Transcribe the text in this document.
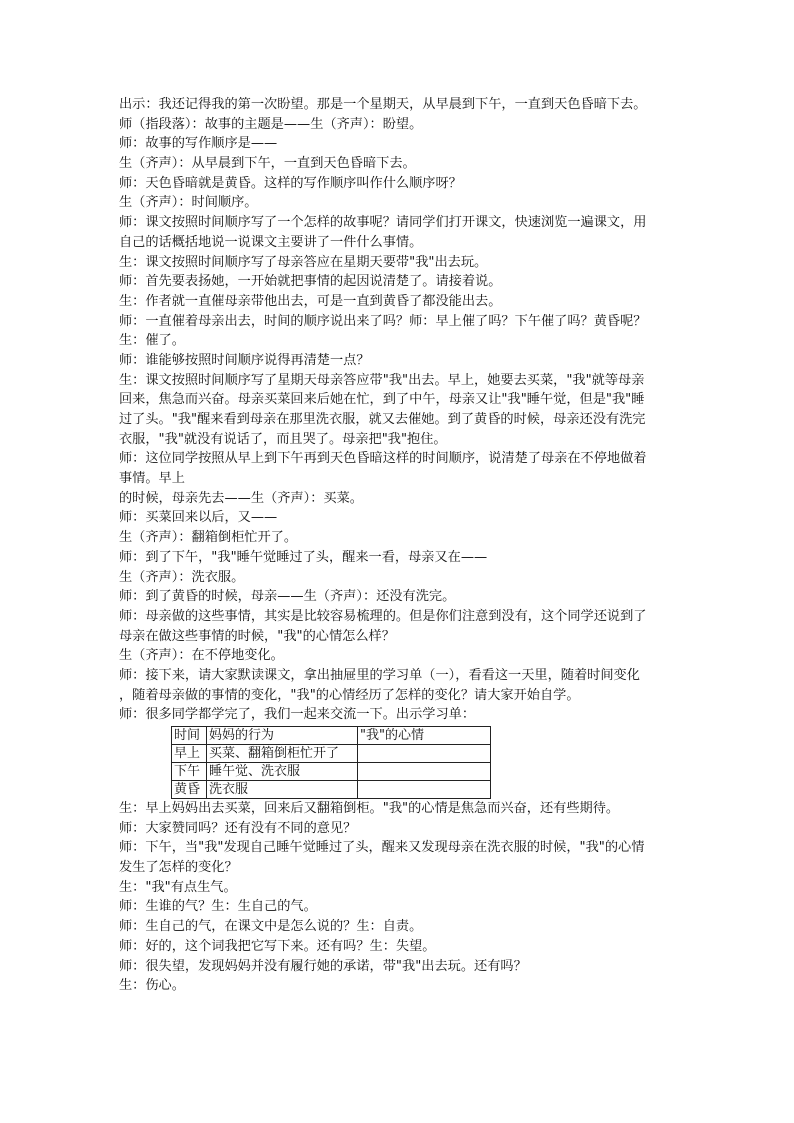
出示：我还记得我的第一次盼望。那是一个星期天，从早晨到下午，一直到天色昏暗下去。
师（指段落）：故事的主题是——生（齐声）：盼望。
师：故事的写作顺序是——
生（齐声）：从早晨到下午，一直到天色昏暗下去。
师：天色昏暗就是黄昏。这样的写作顺序叫作什么顺序呀？
生（齐声）：时间顺序。
师：课文按照时间顺序写了一个怎样的故事呢？请同学们打开课文，快速浏览一遍课文，用
自己的话概括地说一说课文主要讲了一件什么事情。
生：课文按照时间顺序写了母亲答应在星期天要带"我"出去玩。
师：首先要表扬她，一开始就把事情的起因说清楚了。请接着说。
生：作者就一直催母亲带他出去，可是一直到黄昏了都没能出去。
师：一直催着母亲出去，时间的顺序说出来了吗？师：早上催了吗？下午催了吗？黄昏呢？
生：催了。
师：谁能够按照时间顺序说得再清楚一点？
生：课文按照时间顺序写了星期天母亲答应带"我"出去。早上，她要去买菜，"我"就等母亲
回来，焦急而兴奋。母亲买菜回来后她在忙，到了中午，母亲又让"我"睡午觉，但是"我"睡
过了头。"我"醒来看到母亲在那里洗衣服，就又去催她。到了黄昏的时候，母亲还没有洗完
衣服，"我"就没有说话了，而且哭了。母亲把"我"抱住。
师：这位同学按照从早上到下午再到天色昏暗这样的时间顺序，说清楚了母亲在不停地做着
事情。早上
的时候，母亲先去——生（齐声）：买菜。
师：买菜回来以后，又——
生（齐声）：翻箱倒柜忙开了。
师：到了下午，"我"睡午觉睡过了头，醒来一看，母亲又在——
生（齐声）：洗衣服。
师：到了黄昏的时候，母亲——生（齐声）：还没有洗完。
师：母亲做的这些事情，其实是比较容易梳理的。但是你们注意到没有，这个同学还说到了
母亲在做这些事情的时候，"我"的心情怎么样？
生（齐声）：在不停地变化。
师：接下来，请大家默读课文，拿出抽屉里的学习单（一），看看这一天里，随着时间变化
，随着母亲做的事情的变化，"我"的心情经历了怎样的变化？请大家开始自学。
师：很多同学都学完了，我们一起来交流一下。出示学习单：
时间	妈妈的行为	"我"的心情
早上	买菜、翻箱倒柜忙开了	
下午	睡午觉、洗衣服	
黄昏	洗衣服	
生：早上妈妈出去买菜，回来后又翻箱倒柜。"我"的心情是焦急而兴奋，还有些期待。
师：大家赞同吗？还有没有不同的意见？
师：下午，当"我"发现自己睡午觉睡过了头，醒来又发现母亲在洗衣服的时候，"我"的心情
发生了怎样的变化？
生："我"有点生气。
师：生谁的气？生：生自己的气。
师：生自己的气，在课文中是怎么说的？生：自责。
师：好的，这个词我把它写下来。还有吗？生：失望。
师：很失望，发现妈妈并没有履行她的承诺，带"我"出去玩。还有吗？
生：伤心。
